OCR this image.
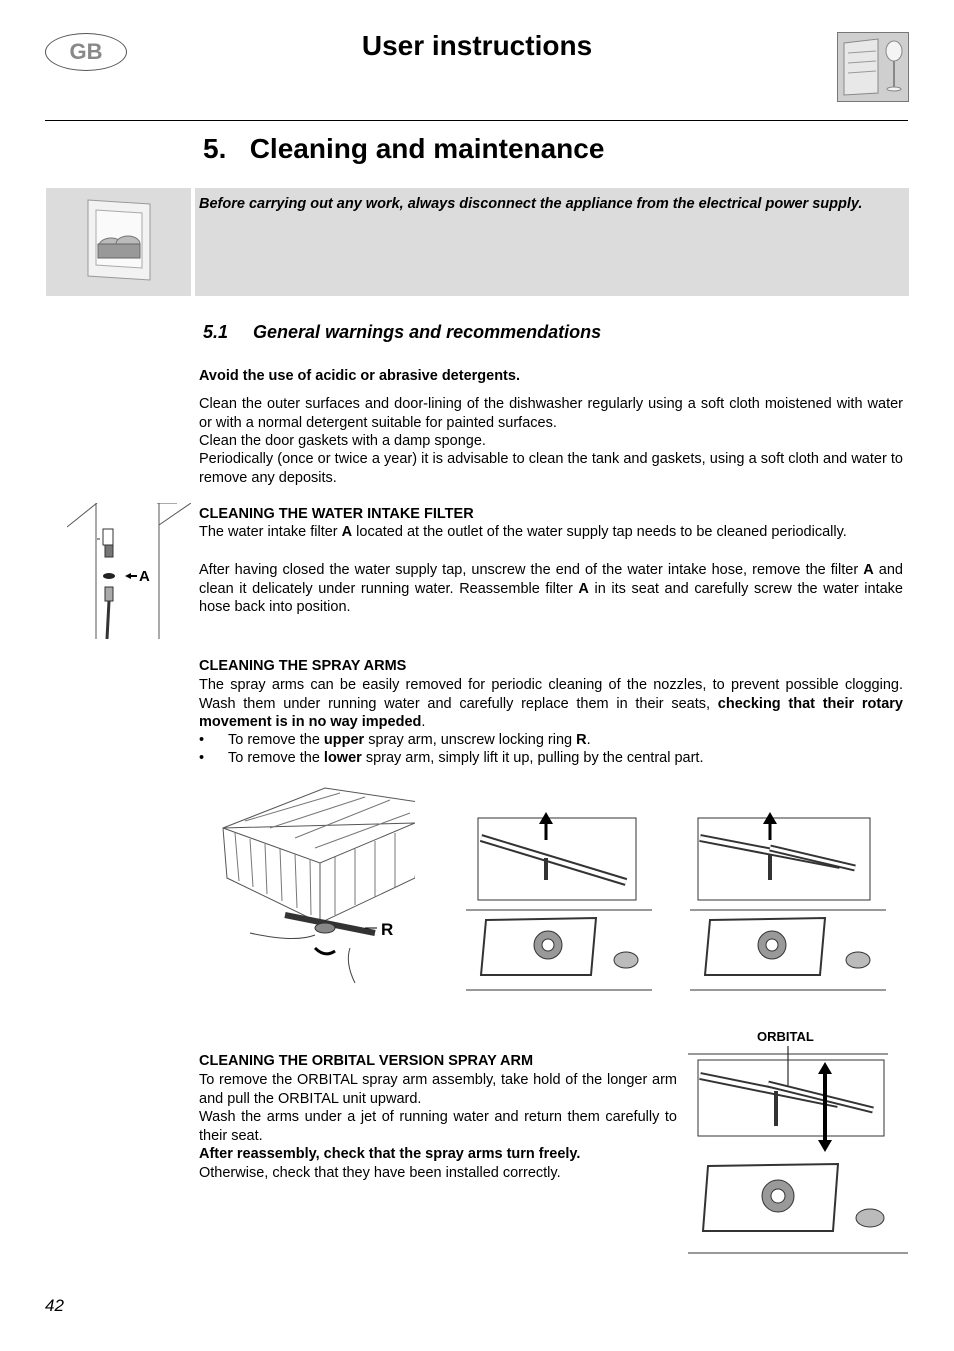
GB	User instructions
5.   Cleaning and maintenance
Before carrying out any work, always disconnect the appliance from the electrical power supply.
5.1     General warnings and recommendations
Avoid the use of acidic or abrasive detergents.
Clean the outer surfaces and door-lining of the dishwasher regularly using a soft cloth moistened with water or with a normal detergent suitable for painted surfaces.
Clean the door gaskets with a damp sponge.
Periodically (once or twice a year) it is advisable to clean the tank and gaskets, using a soft cloth and water to remove any deposits.
A
CLEANING THE WATER INTAKE FILTER
The water intake filter A located at the outlet of the water supply tap needs to be cleaned periodically.
After having closed the water supply tap, unscrew the end of the water intake hose, remove the filter A and clean it delicately under running water. Reassemble filter A in its seat and carefully screw the water intake hose back into position.
CLEANING THE SPRAY ARMS
The spray arms can be easily removed for periodic cleaning of the nozzles, to prevent possible clogging. Wash them under running water and carefully replace them in their seats, checking that their rotary movement is in no way impeded.
• To remove the upper spray arm, unscrew locking ring R.
• To remove the lower spray arm, simply lift it up, pulling by the central part.
R
ORBITAL
CLEANING THE ORBITAL VERSION SPRAY ARM
To remove the ORBITAL spray arm assembly, take hold of the longer arm and pull the ORBITAL unit upward.
Wash the arms under a jet of running water and return them carefully to their seat.
After reassembly, check that the spray arms turn freely.
Otherwise, check that they have been installed correctly.
42
